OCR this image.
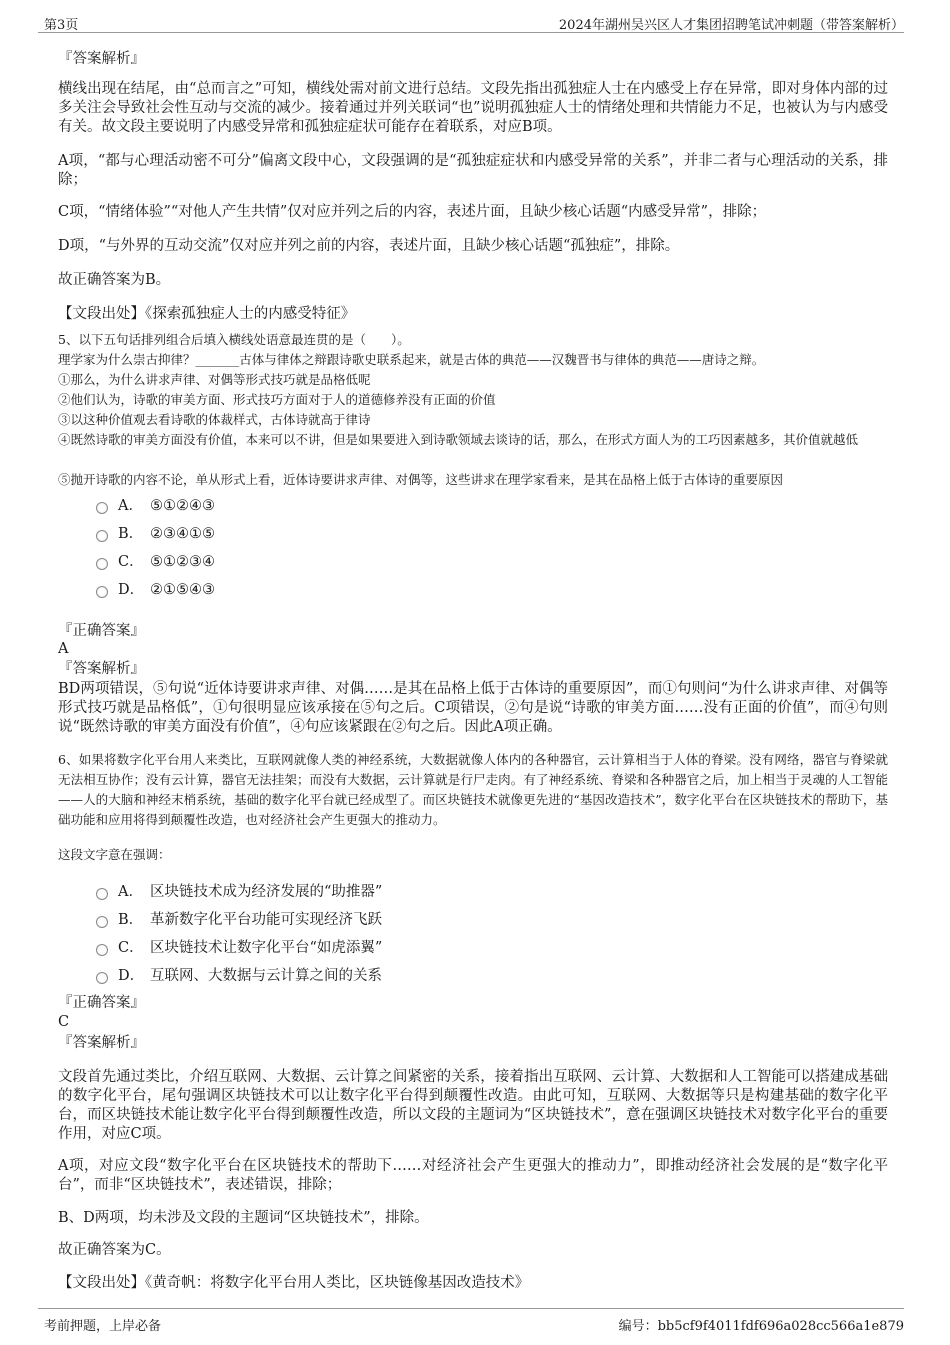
第3页	2024年湖州吴兴区人才集团招聘笔试冲刺题（带答案解析）
『答案解析』
横线出现在结尾，由“总而言之”可知，横线处需对前文进行总结。文段先指出孤独症人士在内感受上存在异常，即对身体内部的过多关注会导致社会性互动与交流的减少。接着通过并列关联词“也”说明孤独症人士的情绪处理和共情能力不足，也被认为与内感受有关。故文段主要说明了内感受异常和孤独症症状可能存在着联系，对应B项。
A项，“都与心理活动密不可分”偏离文段中心，文段强调的是“孤独症症状和内感受异常的关系”，并非二者与心理活动的关系，排除；
C项，“情绪体验”“对他人产生共情”仅对应并列之后的内容，表述片面，且缺少核心话题“内感受异常”，排除；
D项，“与外界的互动交流”仅对应并列之前的内容，表述片面，且缺少核心话题“孤独症”，排除。
故正确答案为B。
【文段出处】《探索孤独症人士的内感受特征》
5、以下五句话排列组合后填入横线处语意最连贯的是（　　）。
理学家为什么崇古抑律？_______古体与律体之辩跟诗歌史联系起来，就是古体的典范——汉魏晋书与律体的典范——唐诗之辩。
①那么，为什么讲求声律、对偶等形式技巧就是品格低呢
②他们认为，诗歌的审美方面、形式技巧方面对于人的道德修养没有正面的价值
③以这种价值观去看诗歌的体裁样式，古体诗就高于律诗
④既然诗歌的审美方面没有价值，本来可以不讲，但是如果要进入到诗歌领域去谈诗的话，那么，在形式方面人为的工巧因素越多，其价值就越低
⑤抛开诗歌的内容不论，单从形式上看，近体诗要讲求声律、对偶等，这些讲求在理学家看来，是其在品格上低于古体诗的重要原因
A． ⑤①②④③
B． ②③④①⑤
C． ⑤①②③④
D． ②①⑤④③
『正确答案』
A
『答案解析』
BD两项错误，⑤句说“近体诗要讲求声律、对偶……是其在品格上低于古体诗的重要原因”，而①句则问“为什么讲求声律、对偶等形式技巧就是品格低”，①句很明显应该承接在⑤句之后。C项错误，②句是说“诗歌的审美方面……没有正面的价值”，而④句则说“既然诗歌的审美方面没有价值”，④句应该紧跟在②句之后。因此A项正确。
6、如果将数字化平台用人来类比，互联网就像人类的神经系统，大数据就像人体内的各种器官，云计算相当于人体的脊梁。没有网络，器官与脊梁就无法相互协作；没有云计算，器官无法挂架；而没有大数据，云计算就是行尸走肉。有了神经系统、脊梁和各种器官之后，加上相当于灵魂的人工智能——人的大脑和神经末梢系统，基础的数字化平台就已经成型了。而区块链技术就像更先进的“基因改造技术”，数字化平台在区块链技术的帮助下，基础功能和应用将得到颠覆性改造，也对经济社会产生更强大的推动力。
这段文字意在强调：
A． 区块链技术成为经济发展的“助推器”
B． 革新数字化平台功能可实现经济飞跃
C． 区块链技术让数字化平台“如虎添翼”
D． 互联网、大数据与云计算之间的关系
『正确答案』
C
『答案解析』
文段首先通过类比，介绍互联网、大数据、云计算之间紧密的关系，接着指出互联网、云计算、大数据和人工智能可以搭建成基础的数字化平台，尾句强调区块链技术可以让数字化平台得到颠覆性改造。由此可知，互联网、大数据等只是构建基础的数字化平台，而区块链技术能让数字化平台得到颠覆性改造，所以文段的主题词为“区块链技术”，意在强调区块链技术对数字化平台的重要作用，对应C项。
A项，对应文段“数字化平台在区块链技术的帮助下……对经济社会产生更强大的推动力”，即推动经济社会发展的是“数字化平台”，而非“区块链技术”，表述错误，排除；
B、D两项，均未涉及文段的主题词“区块链技术”，排除。
故正确答案为C。
【文段出处】《黄奇帆：将数字化平台用人类比，区块链像基因改造技术》
考前押题，上岸必备	编号：bb5cf9f4011fdf696a028cc566a1e879
